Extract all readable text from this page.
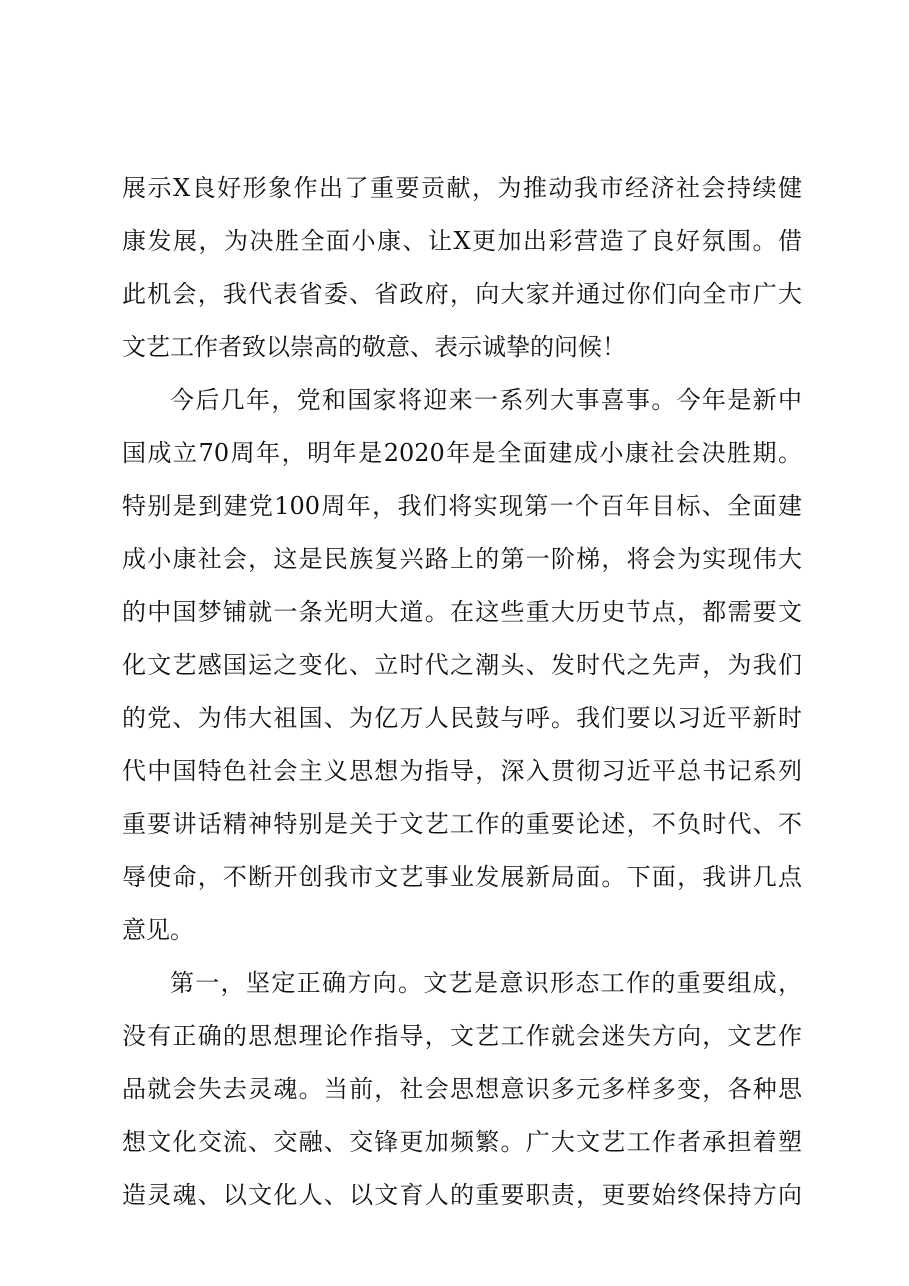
展示X良好形象作出了重要贡献，为推动我市经济社会持续健
康发展，为决胜全面小康、让X更加出彩营造了良好氛围。借
此机会，我代表省委、省政府，向大家并通过你们向全市广大
文艺工作者致以崇高的敬意、表示诚挚的问候！
今后几年，党和国家将迎来一系列大事喜事。今年是新中
国成立70周年，明年是2020年是全面建成小康社会决胜期。
特别是到建党100周年，我们将实现第一个百年目标、全面建
成小康社会，这是民族复兴路上的第一阶梯，将会为实现伟大
的中国梦铺就一条光明大道。在这些重大历史节点，都需要文
化文艺感国运之变化、立时代之潮头、发时代之先声，为我们
的党、为伟大祖国、为亿万人民鼓与呼。我们要以习近平新时
代中国特色社会主义思想为指导，深入贯彻习近平总书记系列
重要讲话精神特别是关于文艺工作的重要论述，不负时代、不
辱使命，不断开创我市文艺事业发展新局面。下面，我讲几点
意见。
第一，坚定正确方向。文艺是意识形态工作的重要组成，
没有正确的思想理论作指导，文艺工作就会迷失方向，文艺作
品就会失去灵魂。当前，社会思想意识多元多样多变，各种思
想文化交流、交融、交锋更加频繁。广大文艺工作者承担着塑
造灵魂、以文化人、以文育人的重要职责，更要始终保持方向
